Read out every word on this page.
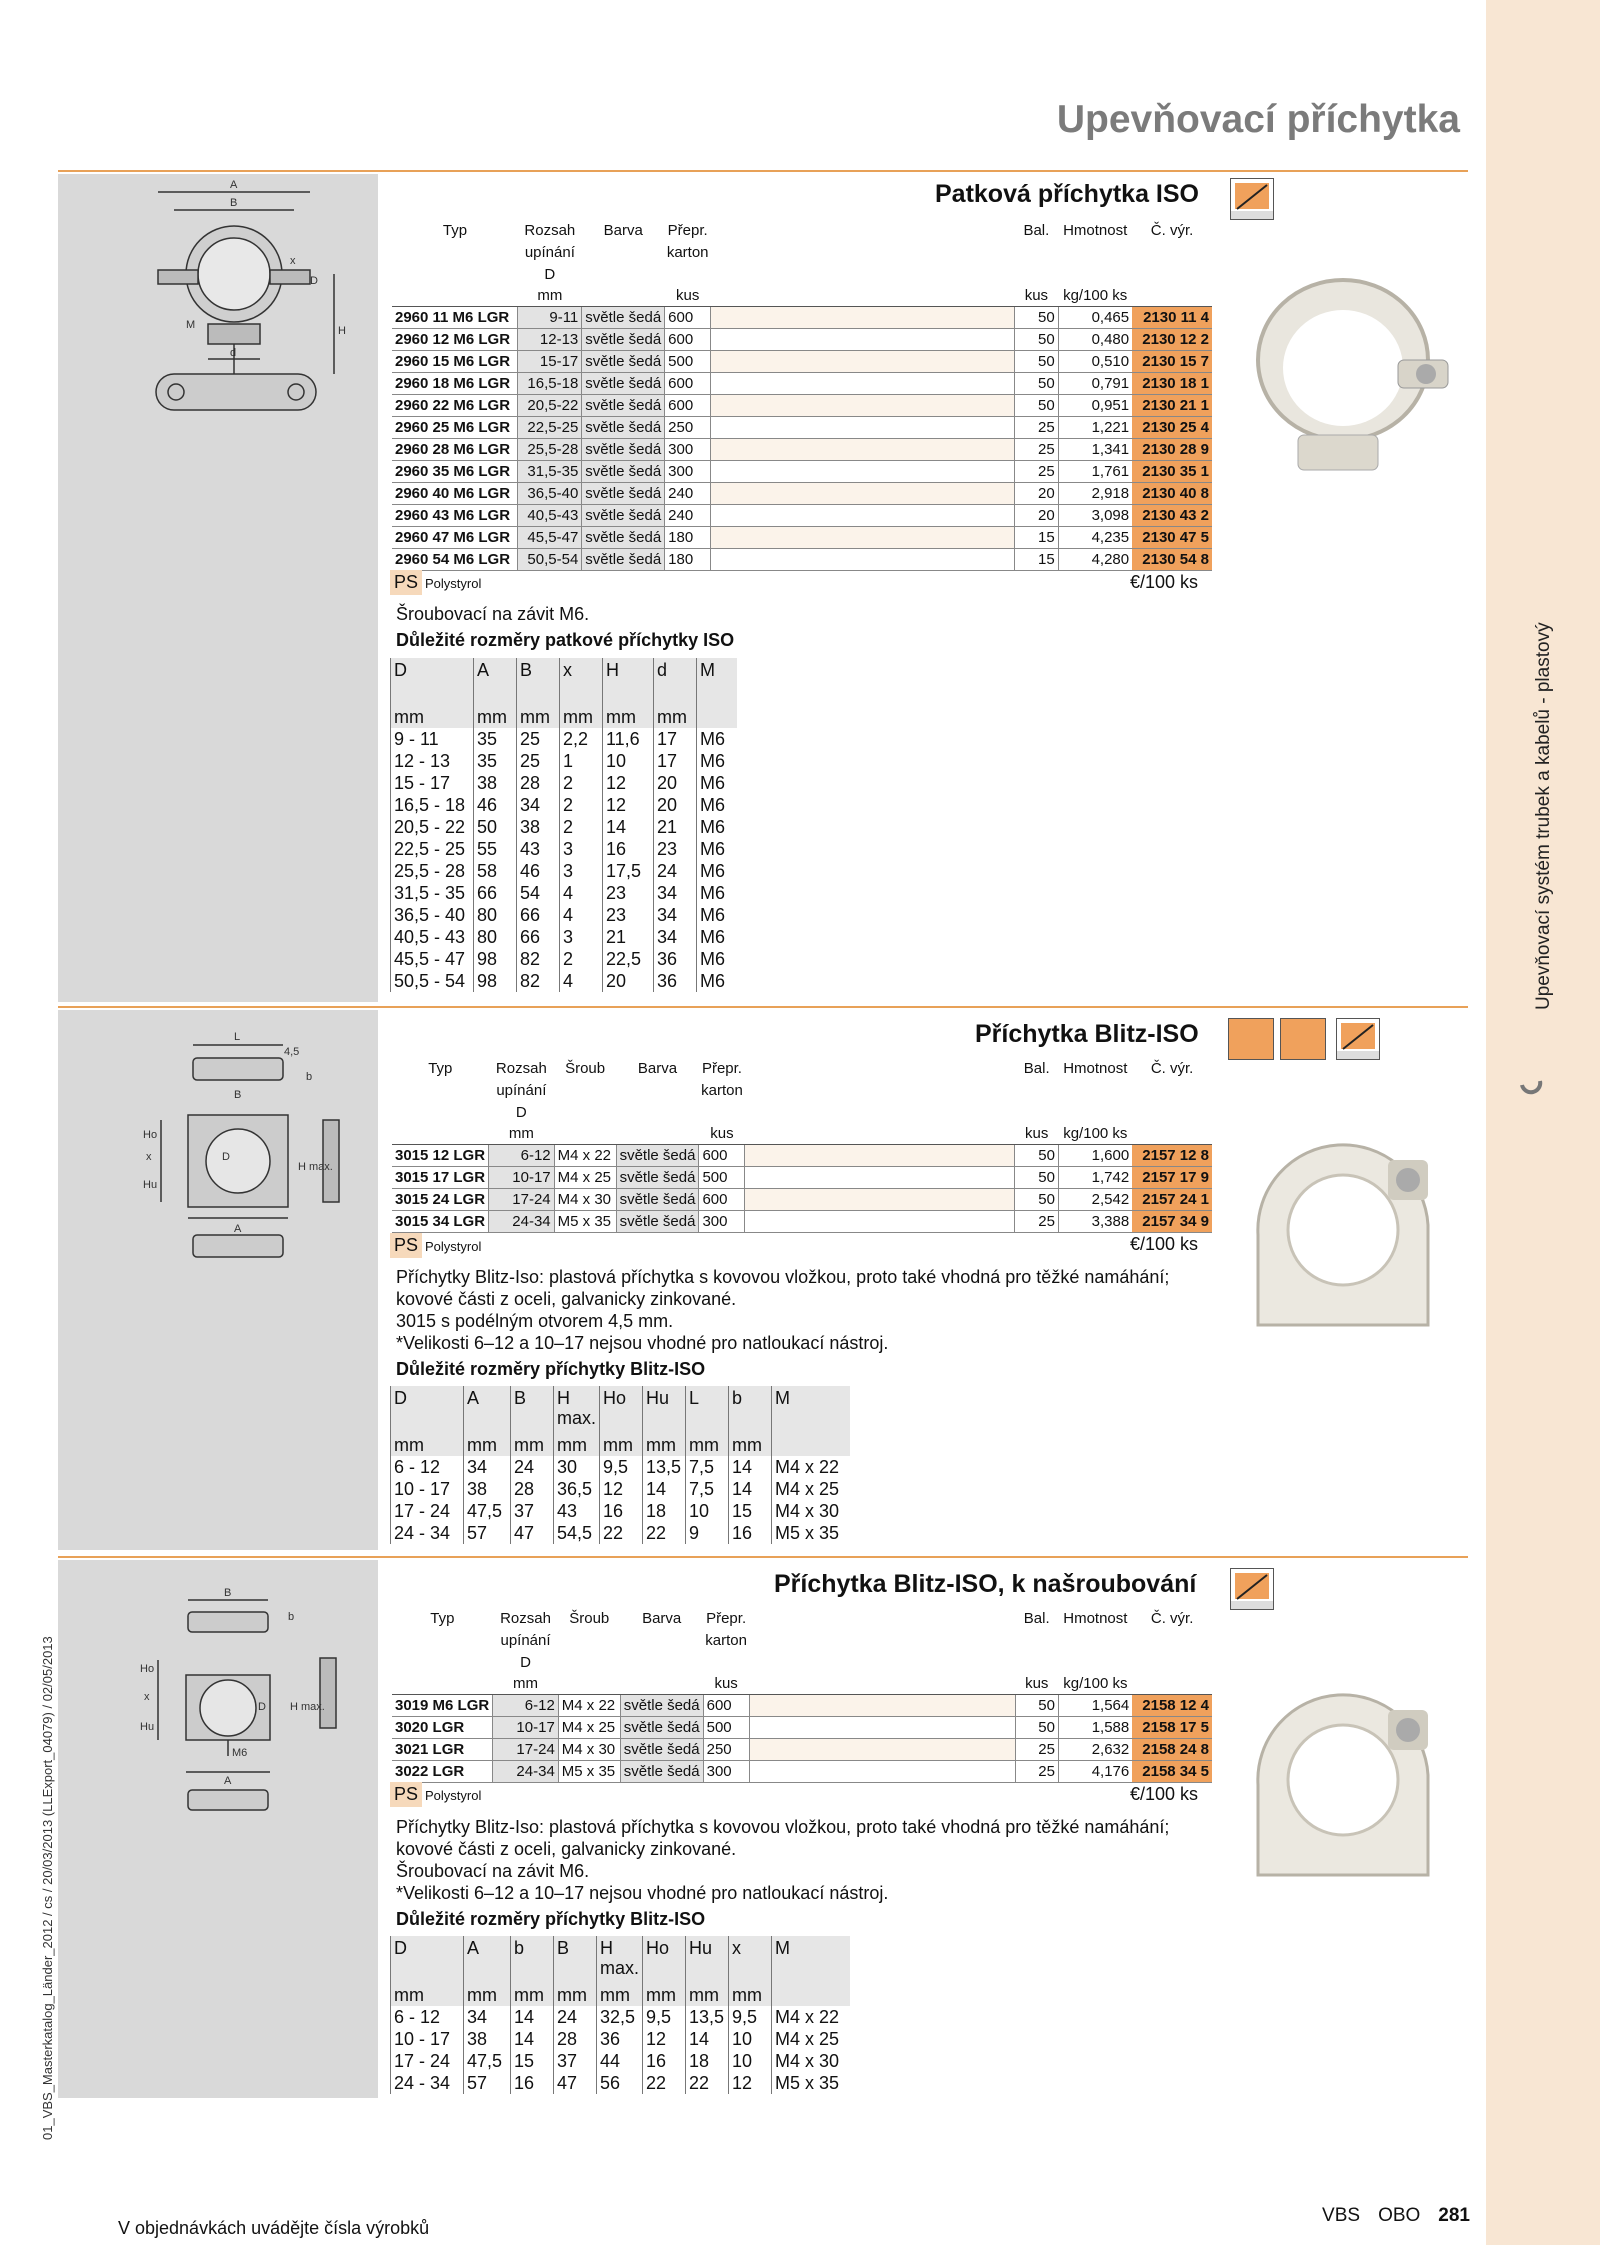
Upevňovací systém trubek a kabelů - plastový
Upevňovací příchytka
A
B
x
D
H
M
d
Patková příchytka ISO
Typ	Rozsah upínání D	Barva	Přepr. karton		Bal.	Hmotnost	Č. výr.
	mm		kus		kus	kg/100 ks	
2960 11 M6 LGR	9-11	světle šedá	600		50	0,465	2130 11 4
2960 12 M6 LGR	12-13	světle šedá	600		50	0,480	2130 12 2
2960 15 M6 LGR	15-17	světle šedá	500		50	0,510	2130 15 7
2960 18 M6 LGR	16,5-18	světle šedá	600		50	0,791	2130 18 1
2960 22 M6 LGR	20,5-22	světle šedá	600		50	0,951	2130 21 1
2960 25 M6 LGR	22,5-25	světle šedá	250		25	1,221	2130 25 4
2960 28 M6 LGR	25,5-28	světle šedá	300		25	1,341	2130 28 9
2960 35 M6 LGR	31,5-35	světle šedá	300		25	1,761	2130 35 1
2960 40 M6 LGR	36,5-40	světle šedá	240		20	2,918	2130 40 8
2960 43 M6 LGR	40,5-43	světle šedá	240		20	3,098	2130 43 2
2960 47 M6 LGR	45,5-47	světle šedá	180		15	4,235	2130 47 5
2960 54 M6 LGR	50,5-54	světle šedá	180		15	4,280	2130 54 8
PS Polystyrol	€/100 ks
Šroubovací na závit M6.
Důležité rozměry patkové příchytky ISO
D	A	B	x	H	d	M
mm	mm	mm	mm	mm	mm	
9 - 11	35	25	2,2	11,6	17	M6
12 - 13	35	25	1	10	17	M6
15 - 17	38	28	2	12	20	M6
16,5 - 18	46	34	2	12	20	M6
20,5 - 22	50	38	2	14	21	M6
22,5 - 25	55	43	3	16	23	M6
25,5 - 28	58	46	3	17,5	24	M6
31,5 - 35	66	54	4	23	34	M6
36,5 - 40	80	66	4	23	34	M6
40,5 - 43	80	66	3	21	34	M6
45,5 - 47	98	82	2	22,5	36	M6
50,5 - 54	98	82	4	20	36	M6
L
4,5
b
B
D
A
Ho
x
Hu
H max.
Příchytka Blitz-ISO
Typ	Rozsah upínání D	Šroub	Barva	Přepr. karton		Bal.	Hmotnost	Č. výr.
	mm			kus		kus	kg/100 ks	
3015 12 LGR	6-12	M4 x 22	světle šedá	600		50	1,600	2157 12 8
3015 17 LGR	10-17	M4 x 25	světle šedá	500		50	1,742	2157 17 9
3015 24 LGR	17-24	M4 x 30	světle šedá	600		50	2,542	2157 24 1
3015 34 LGR	24-34	M5 x 35	světle šedá	300		25	3,388	2157 34 9
PS Polystyrol	€/100 ks
Příchytky Blitz-Iso: plastová příchytka s kovovou vložkou, proto také vhodná pro těžké namáhání;
kovové části z oceli, galvanicky zinkované.
3015 s podélným otvorem 4,5 mm.
*Velikosti 6–12 a 10–17 nejsou vhodné pro natloukací nástroj.
Důležité rozměry příchytky Blitz-ISO
D	A	B	H max.	Ho	Hu	L	b	M
mm	mm	mm	mm	mm	mm	mm	mm	
6 - 12	34	24	30	9,5	13,5	7,5	14	M4 x 22
10 - 17	38	28	36,5	12	14	7,5	14	M4 x 25
17 - 24	47,5	37	43	16	18	10	15	M4 x 30
24 - 34	57	47	54,5	22	22	9	16	M5 x 35
B
b
Ho
x
Hu
D H max.
M6
A
Příchytka Blitz-ISO, k našroubování
Typ	Rozsah upínání D	Šroub	Barva	Přepr. karton		Bal.	Hmotnost	Č. výr.
	mm			kus		kus	kg/100 ks	
3019 M6 LGR	6-12	M4 x 22	světle šedá	600		50	1,564	2158 12 4
3020 LGR	10-17	M4 x 25	světle šedá	500		50	1,588	2158 17 5
3021 LGR	17-24	M4 x 30	světle šedá	250		25	2,632	2158 24 8
3022 LGR	24-34	M5 x 35	světle šedá	300		25	4,176	2158 34 5
PS Polystyrol	€/100 ks
Příchytky Blitz-Iso: plastová příchytka s kovovou vložkou, proto také vhodná pro těžké namáhání;
kovové části z oceli, galvanicky zinkované.
Šroubovací na závit M6.
*Velikosti 6–12 a 10–17 nejsou vhodné pro natloukací nástroj.
Důležité rozměry příchytky Blitz-ISO
D	A	b	B	H max.	Ho	Hu	x	M
mm	mm	mm	mm	mm	mm	mm	mm	
6 - 12	34	14	24	32,5	9,5	13,5	9,5	M4 x 22
10 - 17	38	14	28	36	12	14	10	M4 x 25
17 - 24	47,5	15	37	44	16	18	10	M4 x 30
24 - 34	57	16	47	56	22	22	12	M5 x 35
01_VBS_Masterkatalog_Länder_2012 / cs / 20/03/2013 (LLExport_04079) / 02/05/2013
V objednávkách uvádějte čísla výrobků
VBS OBO 281
